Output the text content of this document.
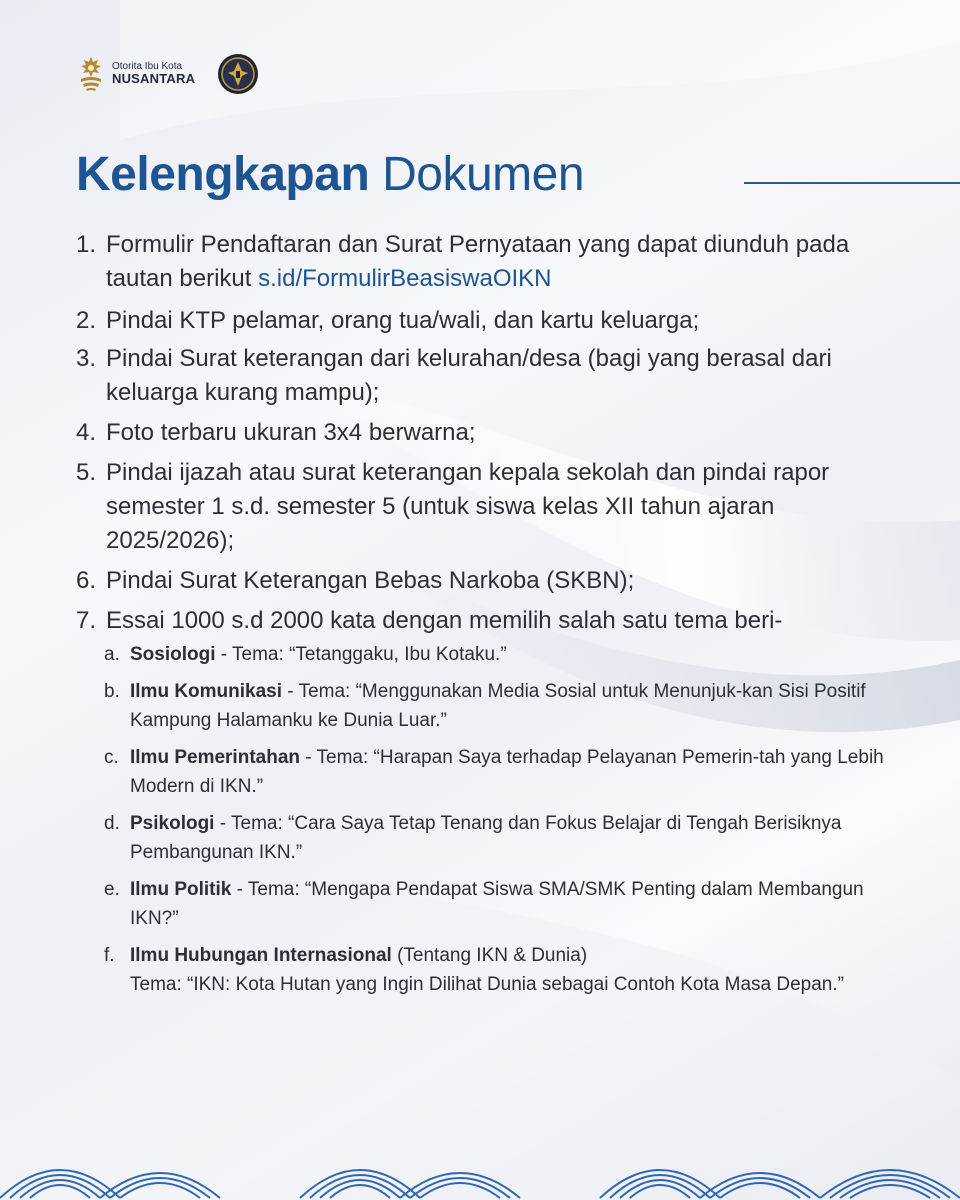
Otorita Ibu Kota
NUSANTARA
Kelengkapan Dokumen
1. Formulir Pendaftaran dan Surat Pernyataan yang dapat diunduh pada tautan berikut s.id/FormulirBeasiswaOIKN
2. Pindai KTP pelamar, orang tua/wali, dan kartu keluarga;
3. Pindai Surat keterangan dari kelurahan/desa (bagi yang berasal dari keluarga kurang mampu);
4. Foto terbaru ukuran 3x4 berwarna;
5. Pindai ijazah atau surat keterangan kepala sekolah dan pindai rapor semester 1 s.d. semester 5 (untuk siswa kelas XII tahun ajaran 2025/2026);
6. Pindai Surat Keterangan Bebas Narkoba (SKBN);
7. Essai 1000 s.d 2000 kata dengan memilih salah satu tema beri-
a. Sosiologi - Tema: “Tetanggaku, Ibu Kotaku.”
b. Ilmu Komunikasi - Tema: “Menggunakan Media Sosial untuk Menunjuk-kan Sisi Positif Kampung Halamanku ke Dunia Luar.”
c. Ilmu Pemerintahan - Tema: “Harapan Saya terhadap Pelayanan Pemerin-tah yang Lebih Modern di IKN.”
d. Psikologi - Tema: “Cara Saya Tetap Tenang dan Fokus Belajar di Tengah Berisiknya Pembangunan IKN.”
e. Ilmu Politik - Tema: “Mengapa Pendapat Siswa SMA/SMK Penting dalam Membangun IKN?”
f. Ilmu Hubungan Internasional (Tentang IKN & Dunia)
Tema: “IKN: Kota Hutan yang Ingin Dilihat Dunia sebagai Contoh Kota Masa Depan.”
